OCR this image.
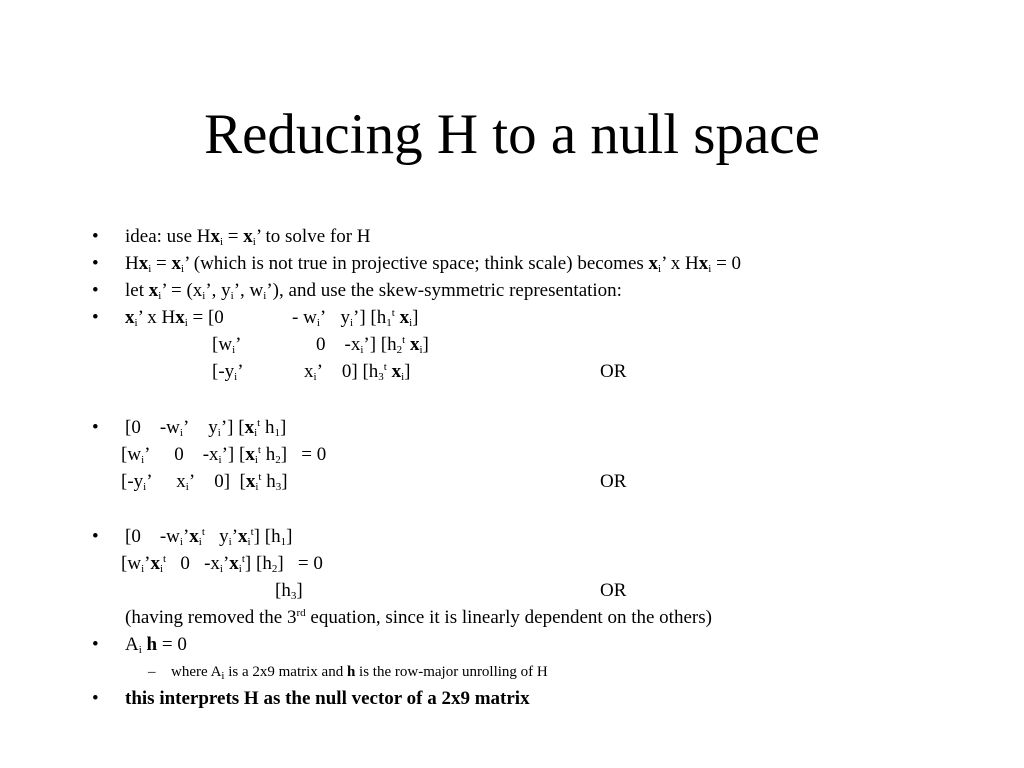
Reducing H to a null space
• idea: use $Hx_i = x_i$’ to solve for H
• $Hx_i = x_i$’ (which is not true in projective space; think scale) becomes $x_i$’ x $Hx_i = 0$
• let $x_i$’ = ($x_i$’, $y_i$’, $w_i$’), and use the skew-symmetric representation:
• $x_i$’ x $Hx_i = [0$	- $w_i$’ $y_i$’] [$h_1^t$ $x_i$]
[$w_i$’	0 $-x_i$’] [$h_2^t$ $x_i$]
[$-y_i$’	$x_i$’ 0] [$h_3^t$ $x_i$]	OR
• [0 $-w_i$’ $y_i$’] [$x_i^t$ $h_1$]
[$w_i$’ 0 $-x_i$’] [$x_i^t$ $h_2] = 0$
[$-y_i$’ $x_i$’ 0] [$x_i^t$ $h_3$]	OR
• [0 $-w_i’x_i^t$ $y_i’x_i^t$] $[h_1]$
[$w_i’x_i^t$ 0 $-x_i’x_i^t$] $[h_2] = 0$
$[h_3]$	OR
(having removed the 3rd equation, since it is linearly dependent on the others)
• $A_i$ h = 0
– where $A_i$ is a 2x9 matrix and h is the row-major unrolling of H
• this interprets H as the null vector of a 2x9 matrix
